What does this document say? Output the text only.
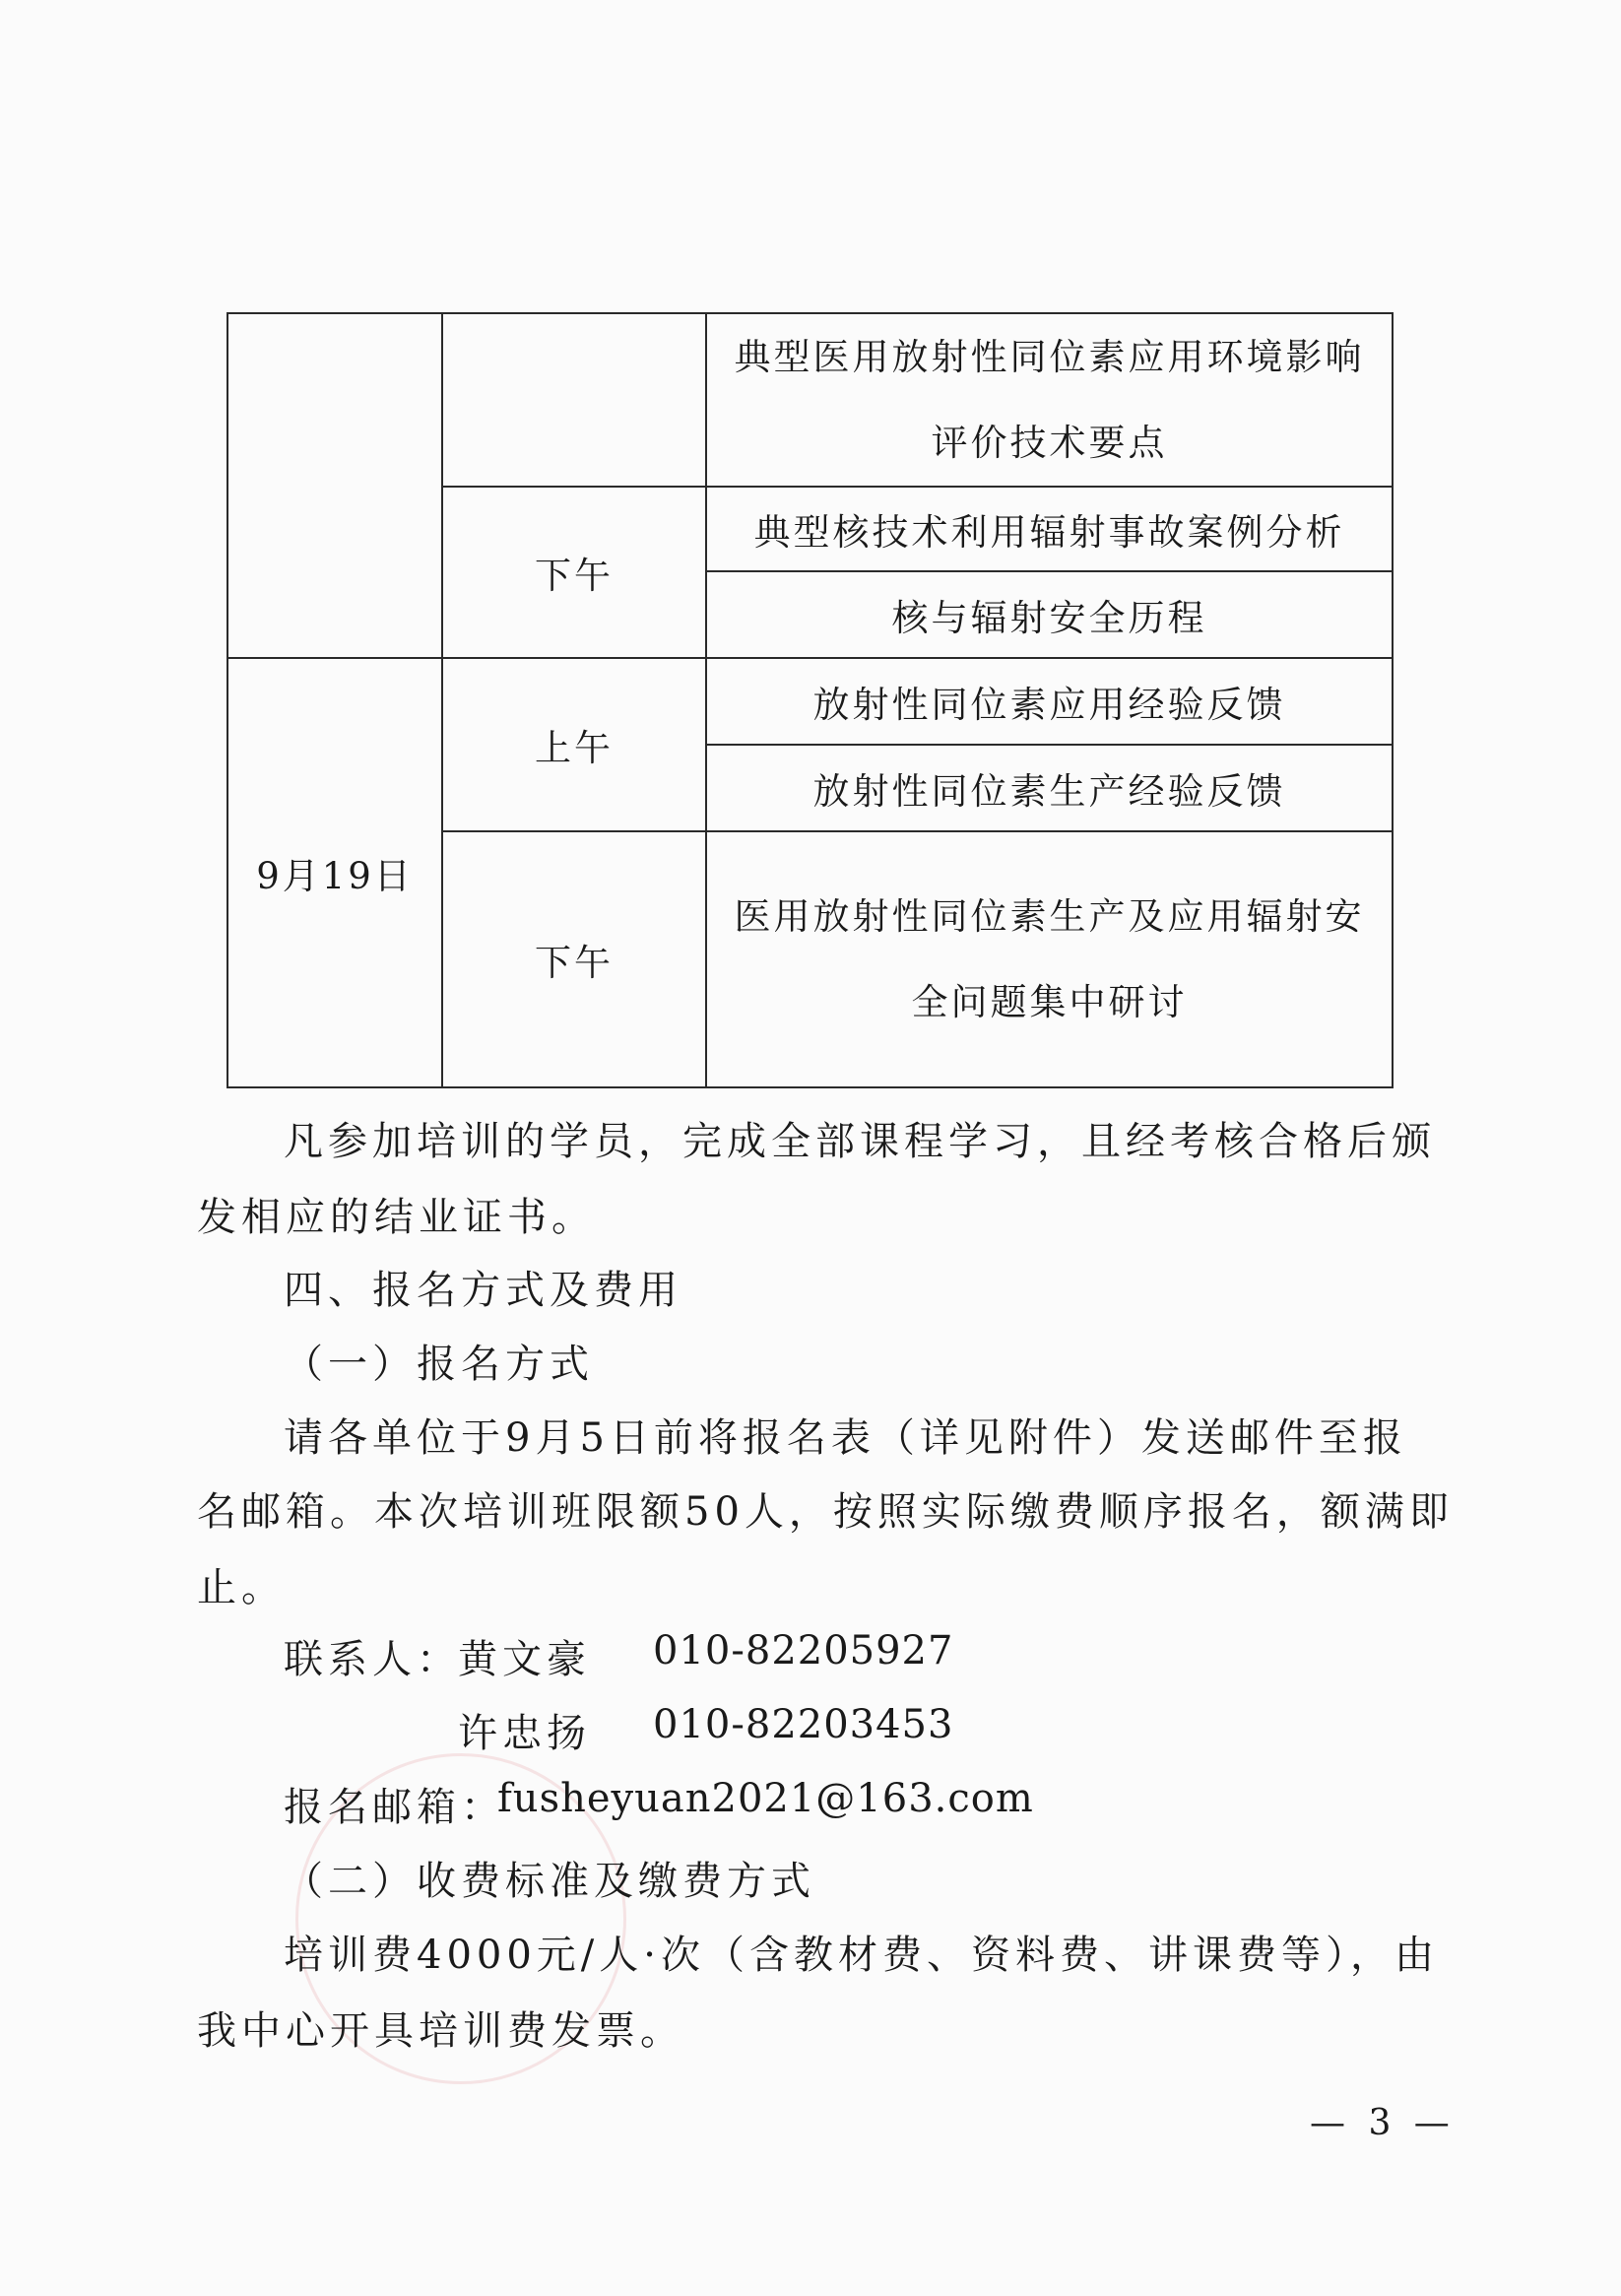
		典型医用放射性同位素应用环境影响
评价技术要点

	下午	典型核技术利用辐射事故案例分析
		核与辐射安全历程
9月19日	上午	放射性同位素应用经验反馈
		放射性同位素生产经验反馈
	下午	医用放射性同位素生产及应用辐射安
全问题集中研讨
凡参加培训的学员，完成全部课程学习，且经考核合格后颁
发相应的结业证书。
四、报名方式及费用
（一）报名方式
请各单位于9月5日前将报名表（详见附件）发送邮件至报
名邮箱。本次培训班限额50人，按照实际缴费顺序报名，额满即
止。
联系人：
黄文豪 010-82205927
许忠扬 010-82203453
报名邮箱：
fusheyuan2021@163.com
（二）收费标准及缴费方式
培训费4000元/人·次（含教材费、资料费、讲课费等），由
我中心开具培训费发票。
— 3 —
